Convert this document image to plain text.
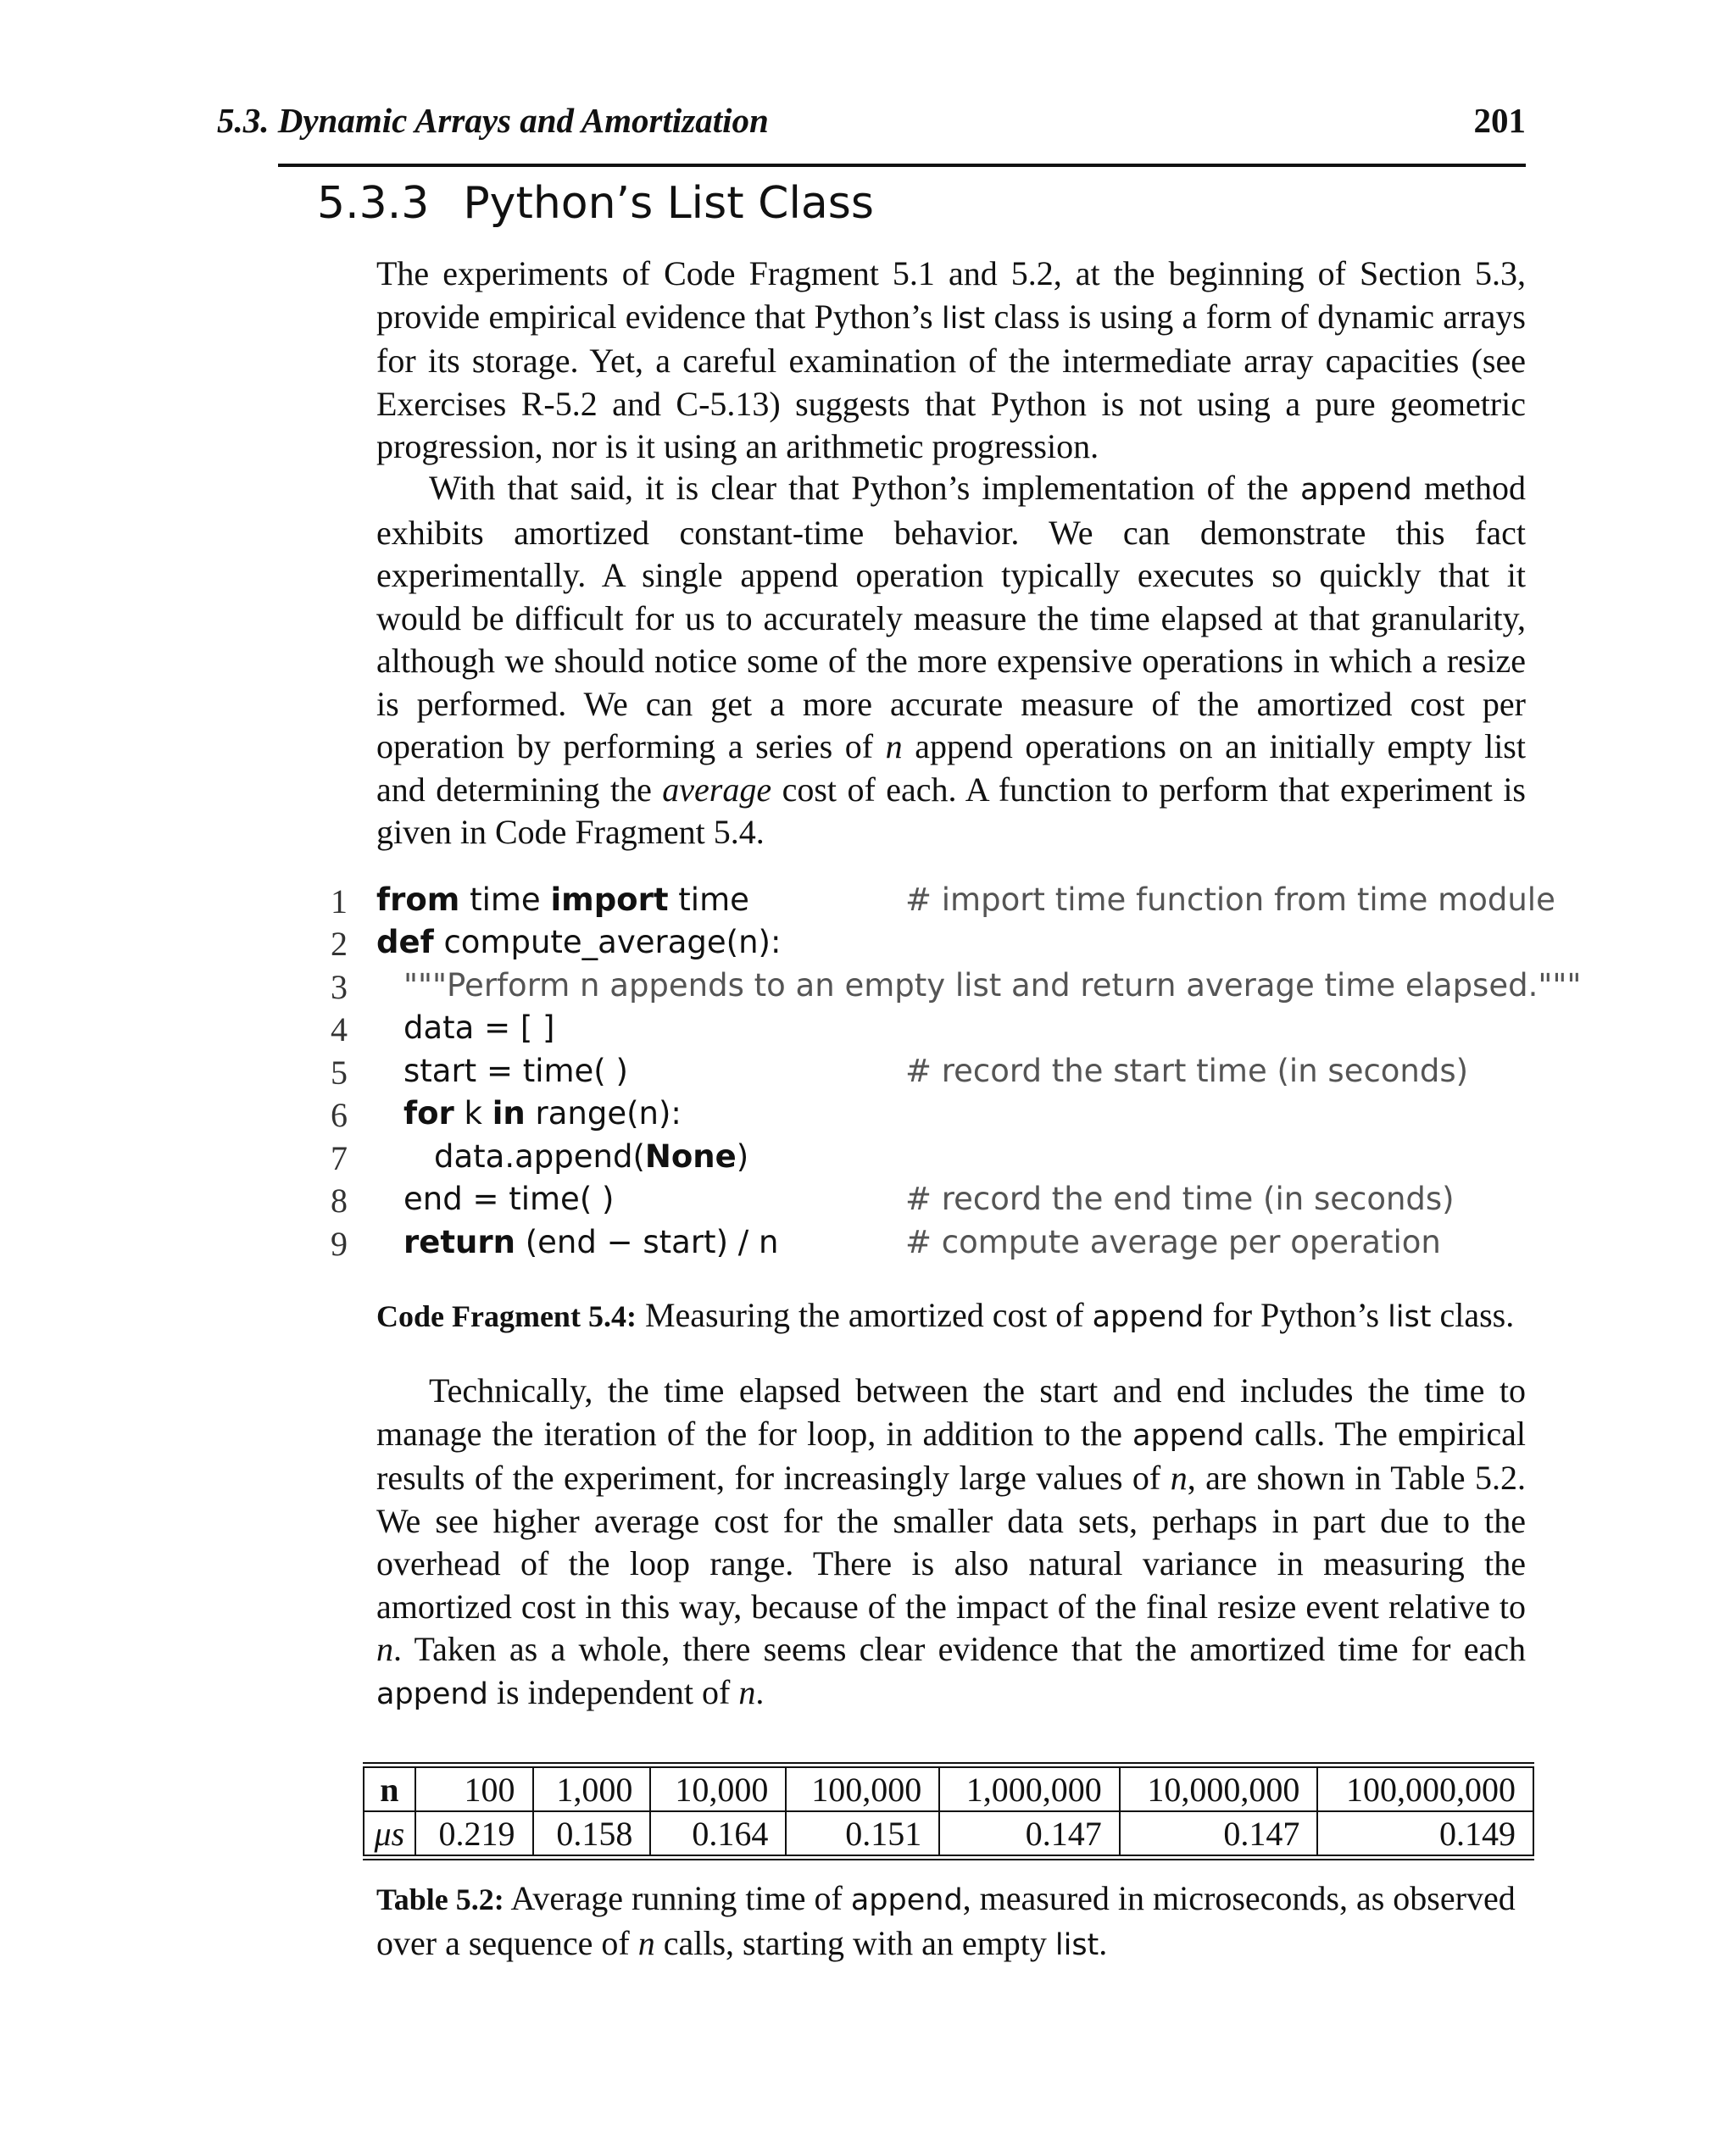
5.3. Dynamic Arrays and Amortization	201
5.3.3 Python’s List Class

The experiments of Code Fragment 5.1 and 5.2, at the beginning of Section 5.3, provide empirical evidence that Python’s list class is using a form of dynamic arrays for its storage. Yet, a careful examination of the intermediate array capacities (see Exercises R-5.2 and C-5.13) suggests that Python is not using a pure geometric progression, nor is it using an arithmetic progression.

With that said, it is clear that Python’s implementation of the append method exhibits amortized constant-time behavior. We can demonstrate this fact experimentally. A single append operation typically executes so quickly that it would be difficult for us to accurately measure the time elapsed at that granularity, although we should notice some of the more expensive operations in which a resize is performed. We can get a more accurate measure of the amortized cost per operation by performing a series of n append operations on an initially empty list and determining the average cost of each. A function to perform that experiment is given in Code Fragment 5.4.

1 from time import time	# import time function from time module
2 def compute_average(n):
3 """Perform n appends to an empty list and return average time elapsed."""
4 data = [ ]
5 start = time( )	# record the start time (in seconds)
6 for k in range(n):
7	data.append(None)
8 end = time( )	# record the end time (in seconds)
9 return (end − start) / n	# compute average per operation

Code Fragment 5.4: Measuring the amortized cost of append for Python’s list class.

Technically, the time elapsed between the start and end includes the time to manage the iteration of the for loop, in addition to the append calls. The empirical results of the experiment, for increasingly large values of n, are shown in Table 5.2. We see higher average cost for the smaller data sets, perhaps in part due to the overhead of the loop range. There is also natural variance in measuring the amortized cost in this way, because of the impact of the final resize event relative to n. Taken as a whole, there seems clear evidence that the amortized time for each append is independent of n.

n	100	1,000	10,000	100,000	1,000,000	10,000,000	100,000,000
μs	0.219	0.158	0.164	0.151	0.147	0.147	0.149

Table 5.2: Average running time of append, measured in microseconds, as observed over a sequence of n calls, starting with an empty list.
